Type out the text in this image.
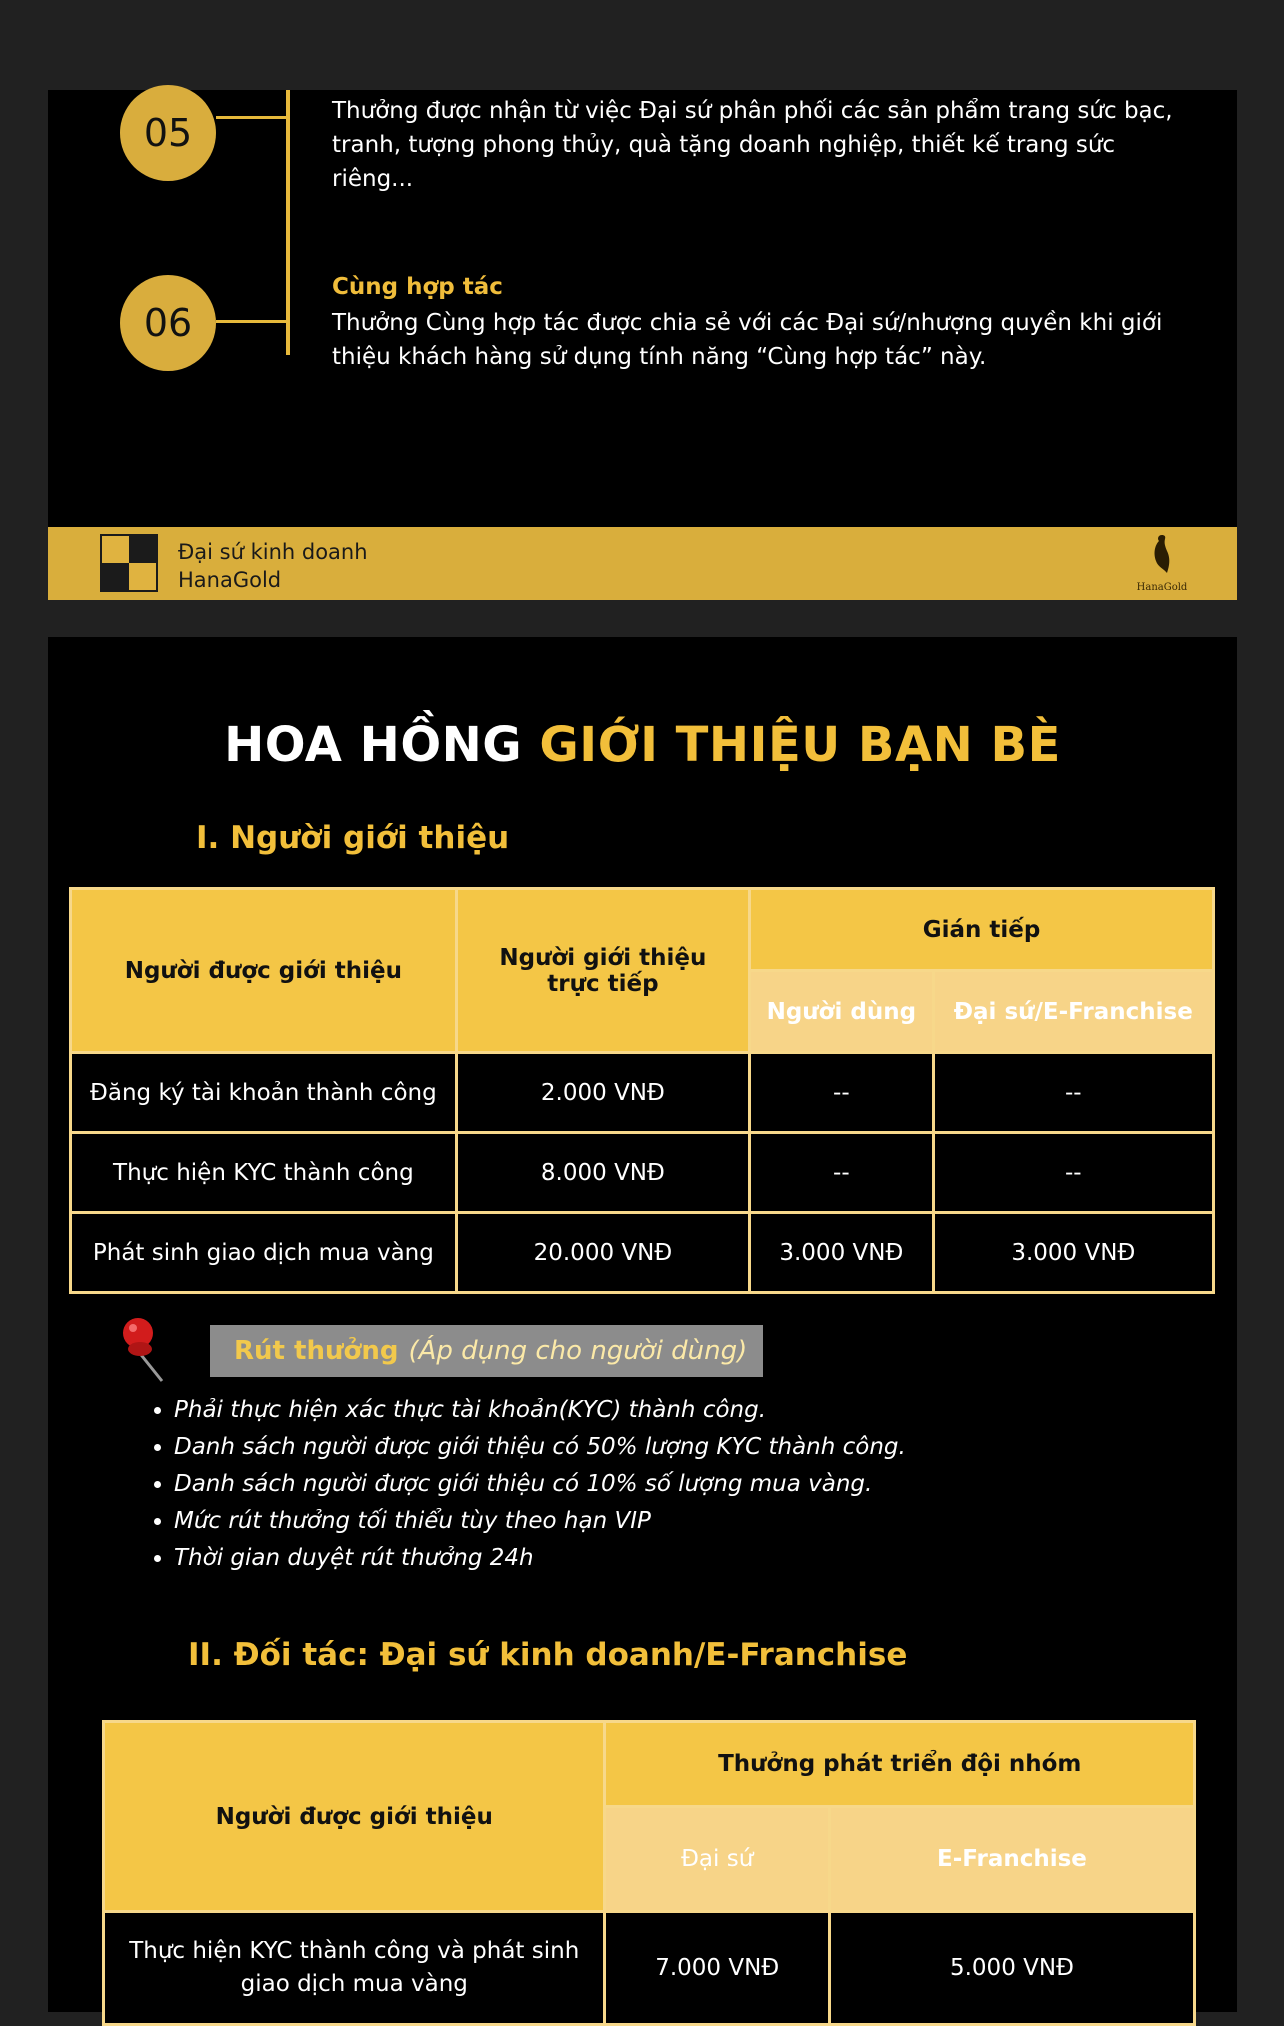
05	Thưởng được nhận từ việc Đại sứ phân phối các sản phẩm trang sức bạc, tranh, tượng phong thủy, quà tặng doanh nghiệp, thiết kế trang sức riêng...
06
Cùng hợp tác
Thưởng Cùng hợp tác được chia sẻ với các Đại sứ/nhượng quyền khi giới thiệu khách hàng sử dụng tính năng “Cùng hợp tác” này.
Đại sứ kinh doanh
HanaGold	HanaGold
HOA HỒNG GIỚI THIỆU BẠN BÈ
I. Người giới thiệu
Người được giới thiệu	Người giới thiệu trực tiếp	Gián tiếp	
		Người dùng	Đại sứ/E-Franchise
Đăng ký tài khoản thành công	2.000 VNĐ	--	--
Thực hiện KYC thành công	8.000 VNĐ	--	--
Phát sinh giao dịch mua vàng	20.000 VNĐ	3.000 VNĐ	3.000 VNĐ
Rút thưởng (Áp dụng cho người dùng)
• Phải thực hiện xác thực tài khoản(KYC) thành công.
• Danh sách người được giới thiệu có 50% lượng KYC thành công.
• Danh sách người được giới thiệu có 10% số lượng mua vàng.
• Mức rút thưởng tối thiểu tùy theo hạn VIP
• Thời gian duyệt rút thưởng 24h
II. Đối tác: Đại sứ kinh doanh/E-Franchise
Người được giới thiệu	Thưởng phát triển đội nhóm	
	Đại sứ	E-Franchise
Thực hiện KYC thành công và phát sinh giao dịch mua vàng	7.000 VNĐ	5.000 VNĐ
